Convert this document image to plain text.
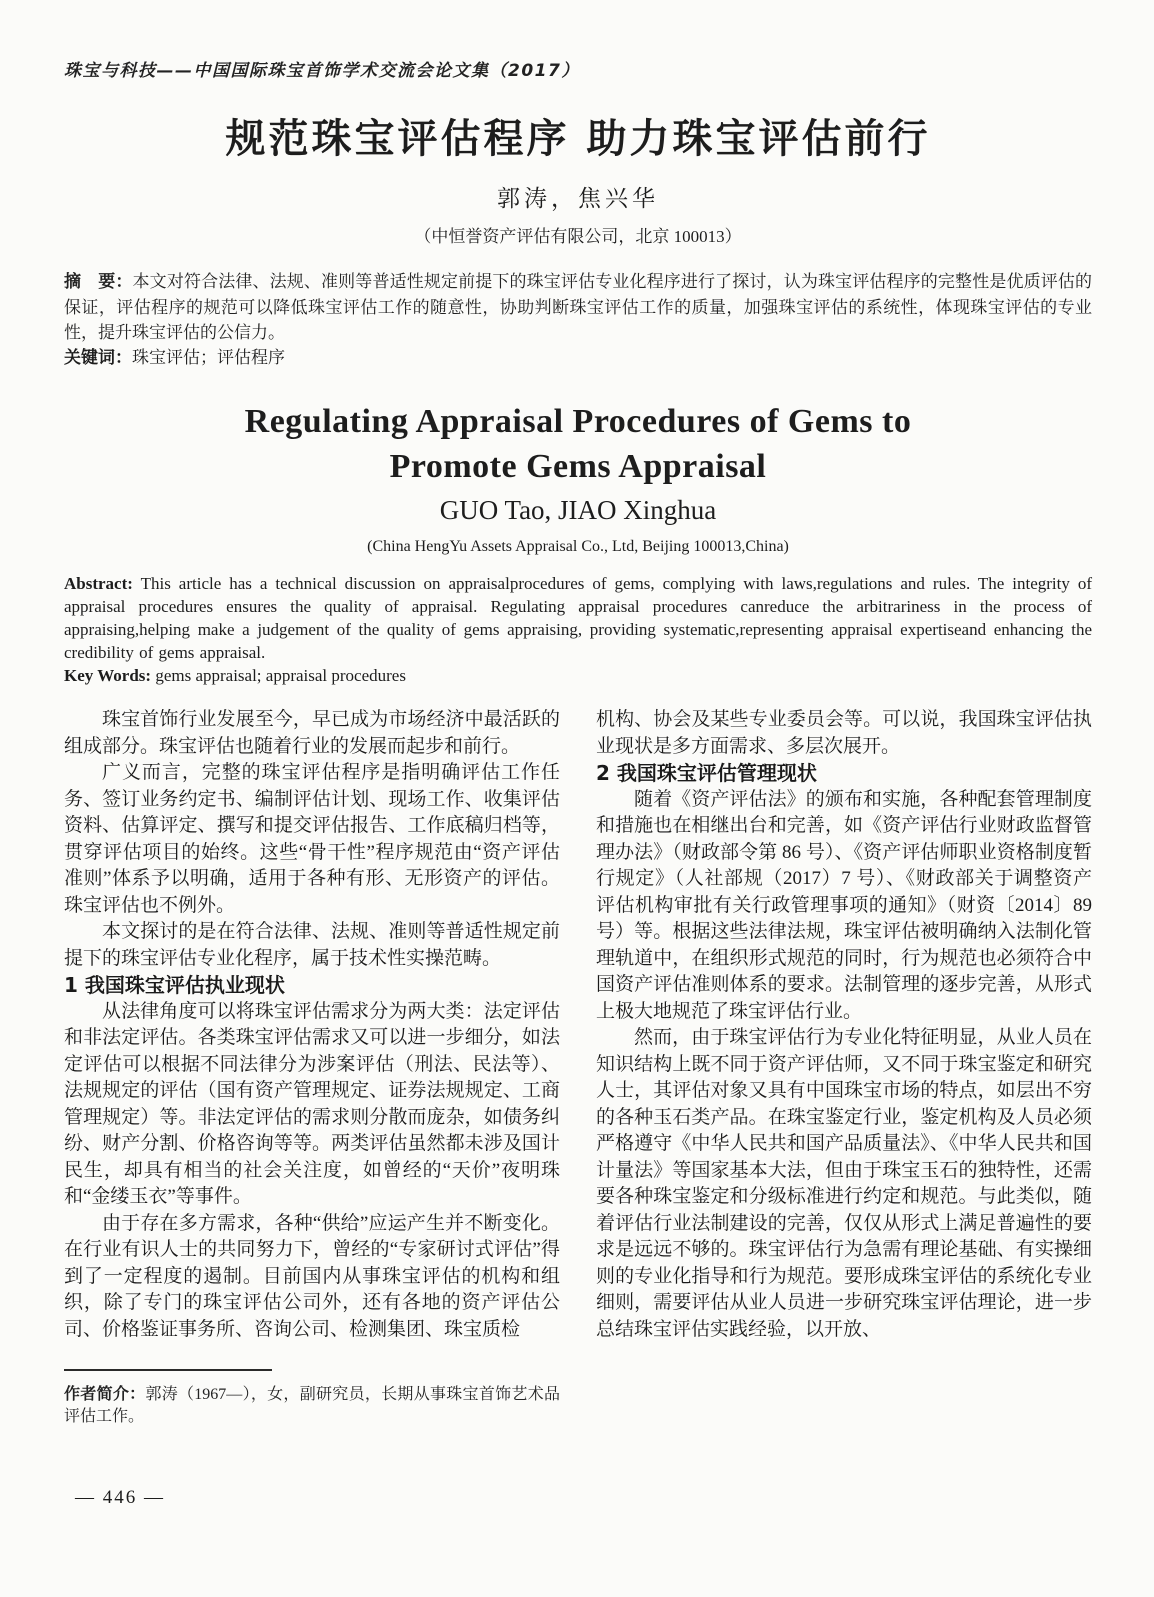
珠宝与科技——中国国际珠宝首饰学术交流会论文集（2017）
规范珠宝评估程序 助力珠宝评估前行
郭涛，焦兴华
（中恒誉资产评估有限公司，北京 100013）
摘　要：本文对符合法律、法规、准则等普适性规定前提下的珠宝评估专业化程序进行了探讨，认为珠宝评估程序的完整性是优质评估的保证，评估程序的规范可以降低珠宝评估工作的随意性，协助判断珠宝评估工作的质量，加强珠宝评估的系统性，体现珠宝评估的专业性，提升珠宝评估的公信力。
关键词：珠宝评估；评估程序
Regulating Appraisal Procedures of Gems to
Promote Gems Appraisal
GUO Tao, JIAO Xinghua
(China HengYu Assets Appraisal Co., Ltd, Beijing 100013,China)
Abstract: This article has a technical discussion on appraisalprocedures of gems, complying with laws,regulations and rules. The integrity of appraisal procedures ensures the quality of appraisal. Regulating appraisal procedures canreduce the arbitrariness in the process of appraising,helping make a judgement of the quality of gems appraising, providing systematic,representing appraisal expertiseand enhancing the credibility of gems appraisal.
Key Words: gems appraisal; appraisal procedures

珠宝首饰行业发展至今，早已成为市场经济中最活跃的组成部分。珠宝评估也随着行业的发展而起步和前行。

广义而言，完整的珠宝评估程序是指明确评估工作任务、签订业务约定书、编制评估计划、现场工作、收集评估资料、估算评定、撰写和提交评估报告、工作底稿归档等，贯穿评估项目的始终。这些“骨干性”程序规范由“资产评估准则”体系予以明确，适用于各种有形、无形资产的评估。珠宝评估也不例外。

本文探讨的是在符合法律、法规、准则等普适性规定前提下的珠宝评估专业化程序，属于技术性实操范畴。

1 我国珠宝评估执业现状

从法律角度可以将珠宝评估需求分为两大类：法定评估和非法定评估。各类珠宝评估需求又可以进一步细分，如法定评估可以根据不同法律分为涉案评估（刑法、民法等）、法规规定的评估（国有资产管理规定、证券法规规定、工商管理规定）等。非法定评估的需求则分散而庞杂，如债务纠纷、财产分割、价格咨询等等。两类评估虽然都未涉及国计民生，却具有相当的社会关注度，如曾经的“天价”夜明珠和“金缕玉衣”等事件。

由于存在多方需求，各种“供给”应运产生并不断变化。在行业有识人士的共同努力下，曾经的“专家研讨式评估”得到了一定程度的遏制。目前国内从事珠宝评估的机构和组织，除了专门的珠宝评估公司外，还有各地的资产评估公司、价格鉴证事务所、咨询公司、检测集团、珠宝质检

作者简介：郭涛（1967—），女，副研究员，长期从事珠宝首饰艺术品评估工作。

机构、协会及某些专业委员会等。可以说，我国珠宝评估执业现状是多方面需求、多层次展开。

2 我国珠宝评估管理现状

随着《资产评估法》的颁布和实施，各种配套管理制度和措施也在相继出台和完善，如《资产评估行业财政监督管理办法》（财政部令第 86 号）、《资产评估师职业资格制度暂行规定》（人社部规（2017）7 号）、《财政部关于调整资产评估机构审批有关行政管理事项的通知》（财资〔2014〕89 号）等。根据这些法律法规，珠宝评估被明确纳入法制化管理轨道中，在组织形式规范的同时，行为规范也必须符合中国资产评估准则体系的要求。法制管理的逐步完善，从形式上极大地规范了珠宝评估行业。

然而，由于珠宝评估行为专业化特征明显，从业人员在知识结构上既不同于资产评估师，又不同于珠宝鉴定和研究人士，其评估对象又具有中国珠宝市场的特点，如层出不穷的各种玉石类产品。在珠宝鉴定行业，鉴定机构及人员必须严格遵守《中华人民共和国产品质量法》、《中华人民共和国计量法》等国家基本大法，但由于珠宝玉石的独特性，还需要各种珠宝鉴定和分级标准进行约定和规范。与此类似，随着评估行业法制建设的完善，仅仅从形式上满足普遍性的要求是远远不够的。珠宝评估行为急需有理论基础、有实操细则的专业化指导和行为规范。要形成珠宝评估的系统化专业细则，需要评估从业人员进一步研究珠宝评估理论，进一步总结珠宝评估实践经验，以开放、

— 446 —
